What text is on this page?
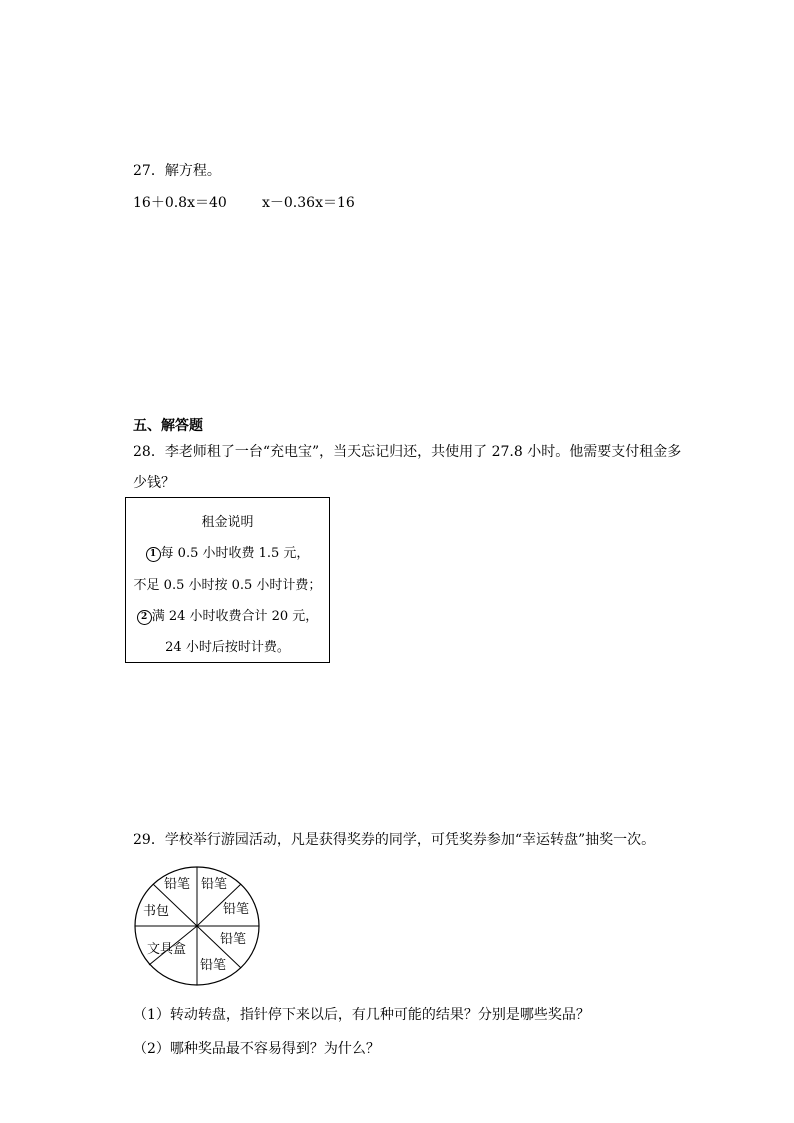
27．解方程。
16＋0.8x＝40	x－0.36x＝16
五、解答题
28．李老师租了一台“充电宝”，当天忘记归还，共使用了 27.8 小时。他需要支付租金多
少钱？
租金说明
1 每 0.5 小时收费 1.5 元，
不足 0.5 小时按 0.5 小时计费；
2 满 24 小时收费合计 20 元，
24 小时后按时计费。
29．学校举行游园活动，凡是获得奖券的同学，可凭奖券参加“幸运转盘”抽奖一次。
铅笔 铅笔
铅笔
铅笔
铅笔
文具盒
书包
（1）转动转盘，指针停下来以后，有几种可能的结果？分别是哪些奖品？
（2）哪种奖品最不容易得到？为什么？
